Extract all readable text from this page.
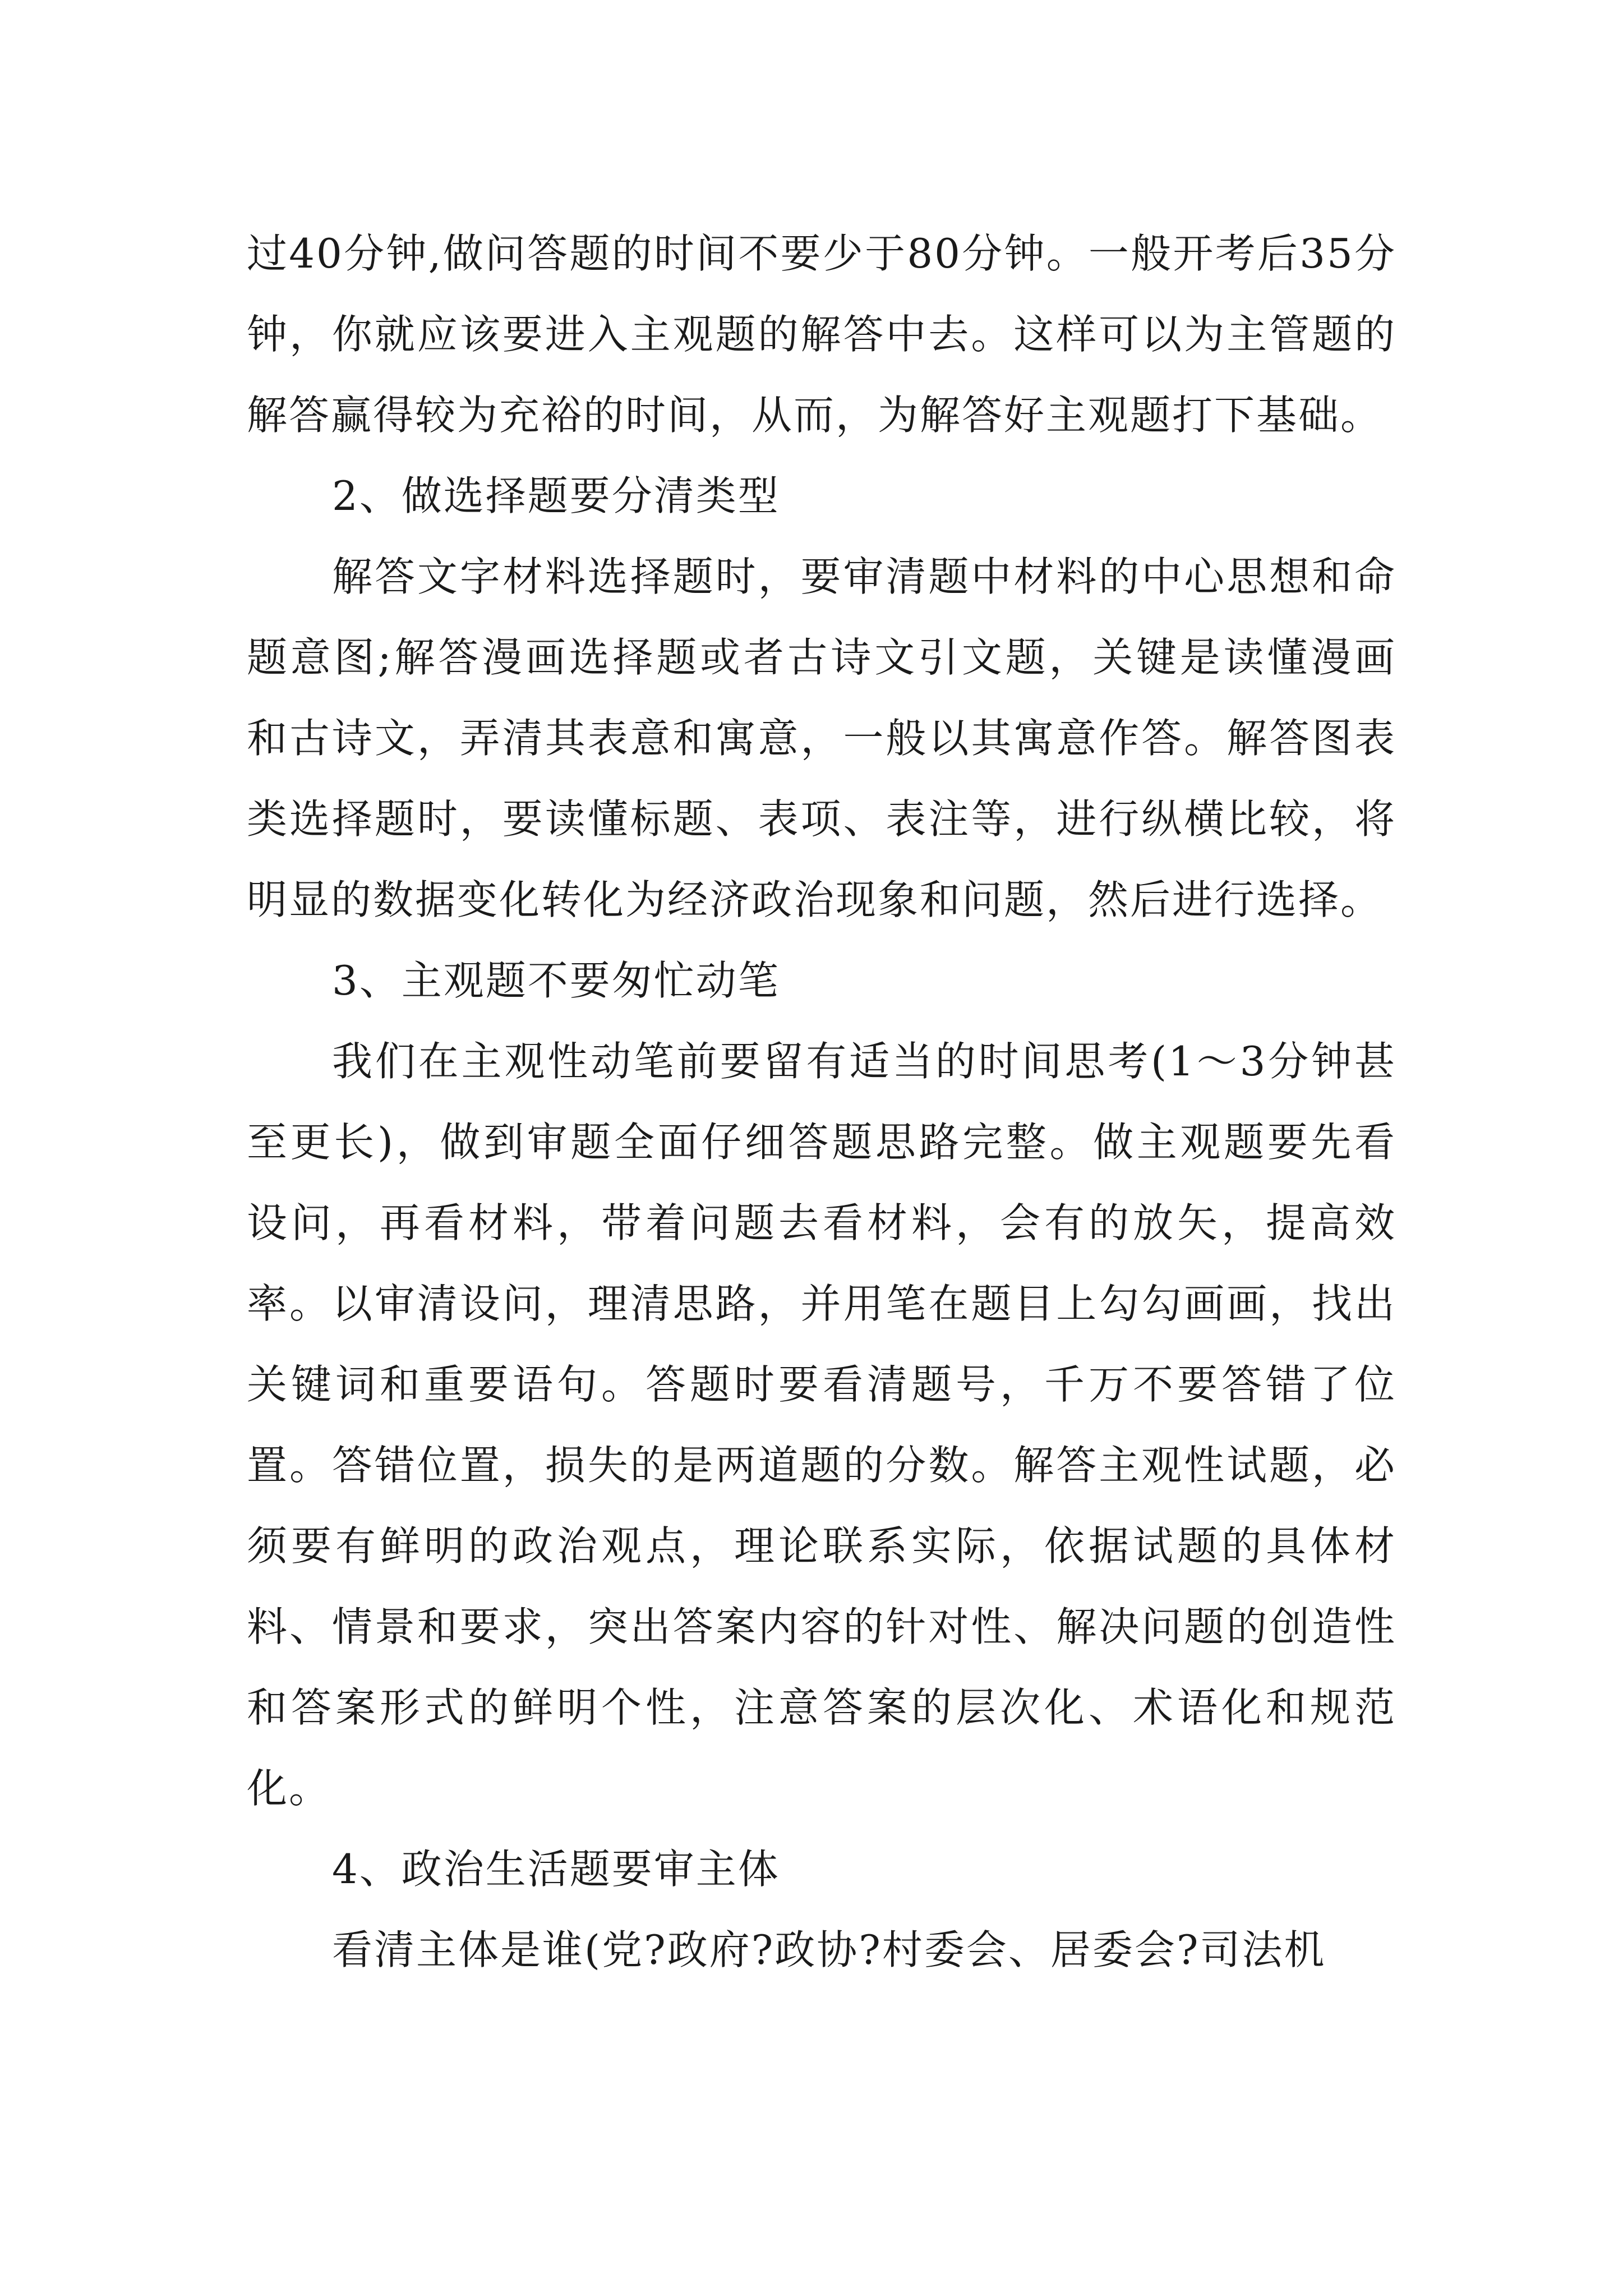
过40分钟,做问答题的时间不要少于80分钟。一般开考后35分钟，你就应该要进入主观题的解答中去。这样可以为主管题的解答赢得较为充裕的时间，从而，为解答好主观题打下基础。

2、做选择题要分清类型

解答文字材料选择题时，要审清题中材料的中心思想和命题意图;解答漫画选择题或者古诗文引文题，关键是读懂漫画和古诗文，弄清其表意和寓意，一般以其寓意作答。解答图表类选择题时，要读懂标题、表项、表注等，进行纵横比较，将明显的数据变化转化为经济政治现象和问题，然后进行选择。

3、主观题不要匆忙动笔

我们在主观性动笔前要留有适当的时间思考(1～3分钟甚至更长)，做到审题全面仔细答题思路完整。做主观题要先看设问，再看材料，带着问题去看材料，会有的放矢，提高效率。以审清设问，理清思路，并用笔在题目上勾勾画画，找出关键词和重要语句。答题时要看清题号，千万不要答错了位置。答错位置，损失的是两道题的分数。解答主观性试题，必须要有鲜明的政治观点，理论联系实际，依据试题的具体材料、情景和要求，突出答案内容的针对性、解决问题的创造性和答案形式的鲜明个性，注意答案的层次化、术语化和规范化。

4、政治生活题要审主体

看清主体是谁(党?政府?政协?村委会、居委会?司法机
